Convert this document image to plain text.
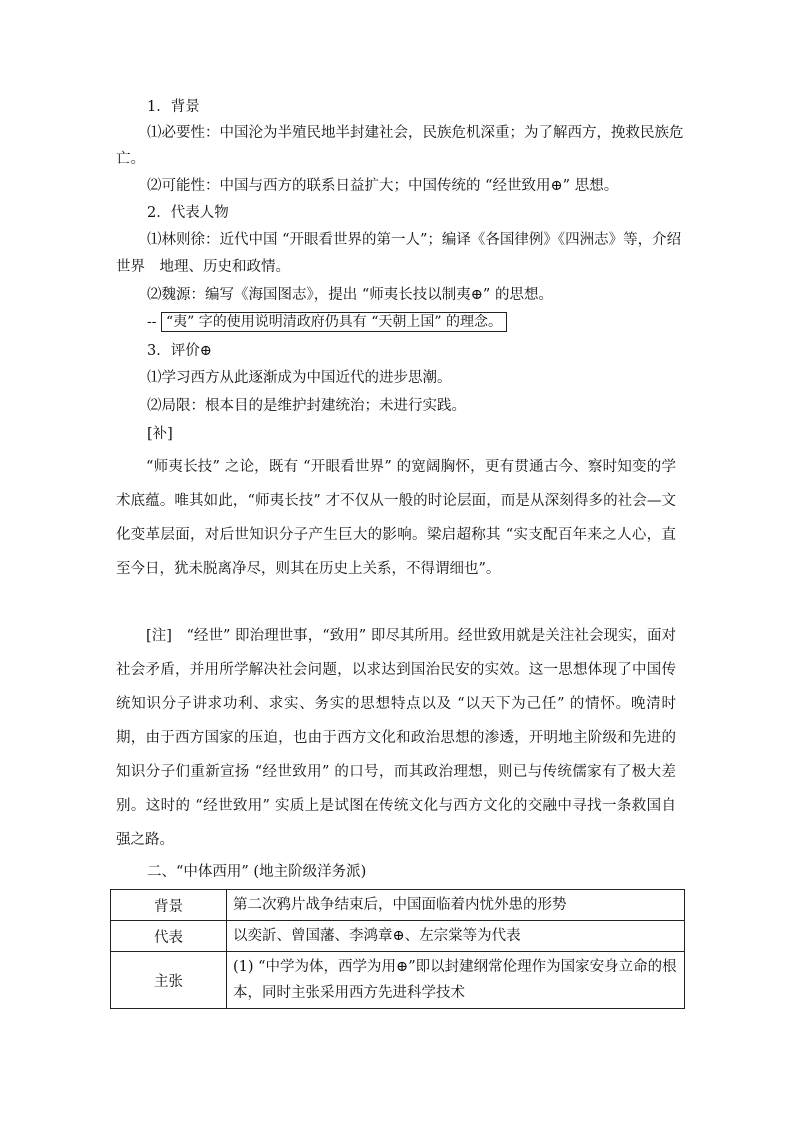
1．背景
⑴必要性：中国沦为半殖民地半封建社会，民族危机深重；为了解西方，挽救民族危
亡。
⑵可能性：中国与西方的联系日益扩大；中国传统的 “经世致用⊕” 思想。
2．代表人物
⑴林则徐：近代中国 “开眼看世界的第一人”；编译《各国律例》《四洲志》等，介绍
世界　地理、历史和政情。
⑵魏源：编写《海国图志》，提出 “师夷长技以制夷⊕” 的思想。
-- “夷” 字的使用说明清政府仍具有 “天朝上国” 的理念。
3．评价⊕
⑴学习西方从此逐渐成为中国近代的进步思潮。
⑵局限：根本目的是维护封建统治；未进行实践。
[补]
“师夷长技” 之论，既有 “开眼看世界” 的宽阔胸怀，更有贯通古今、察时知变的学术底蕴。唯其如此，“师夷长技” 才不仅从一般的时论层面，而是从深刻得多的社会—文化变革层面，对后世知识分子产生巨大的影响。梁启超称其 “实支配百年来之人心，直至今日，犹未脱离净尽，则其在历史上关系，不得谓细也”。
[注]　 “经世” 即治理世事，“致用” 即尽其所用。经世致用就是关注社会现实，面对社会矛盾，并用所学解决社会问题，以求达到国治民安的实效。这一思想体现了中国传统知识分子讲求功利、求实、务实的思想特点以及 “以天下为己任” 的情怀。晚清时期，由于西方国家的压迫，也由于西方文化和政治思想的渗透，开明地主阶级和先进的知识分子们重新宣扬 “经世致用” 的口号，而其政治理想，则已与传统儒家有了极大差别。这时的 “经世致用” 实质上是试图在传统文化与西方文化的交融中寻找一条救国自强之路。
二、“中体西用” (地主阶级洋务派)
背景	第二次鸦片战争结束后，中国面临着内忧外患的形势
代表	以奕訢、曾国藩、李鸿章⊕、左宗棠等为代表
主张	(1) “中学为体，西学为用⊕”即以封建纲常伦理作为国家安身立命的根本，同时主张采用西方先进科学技术
